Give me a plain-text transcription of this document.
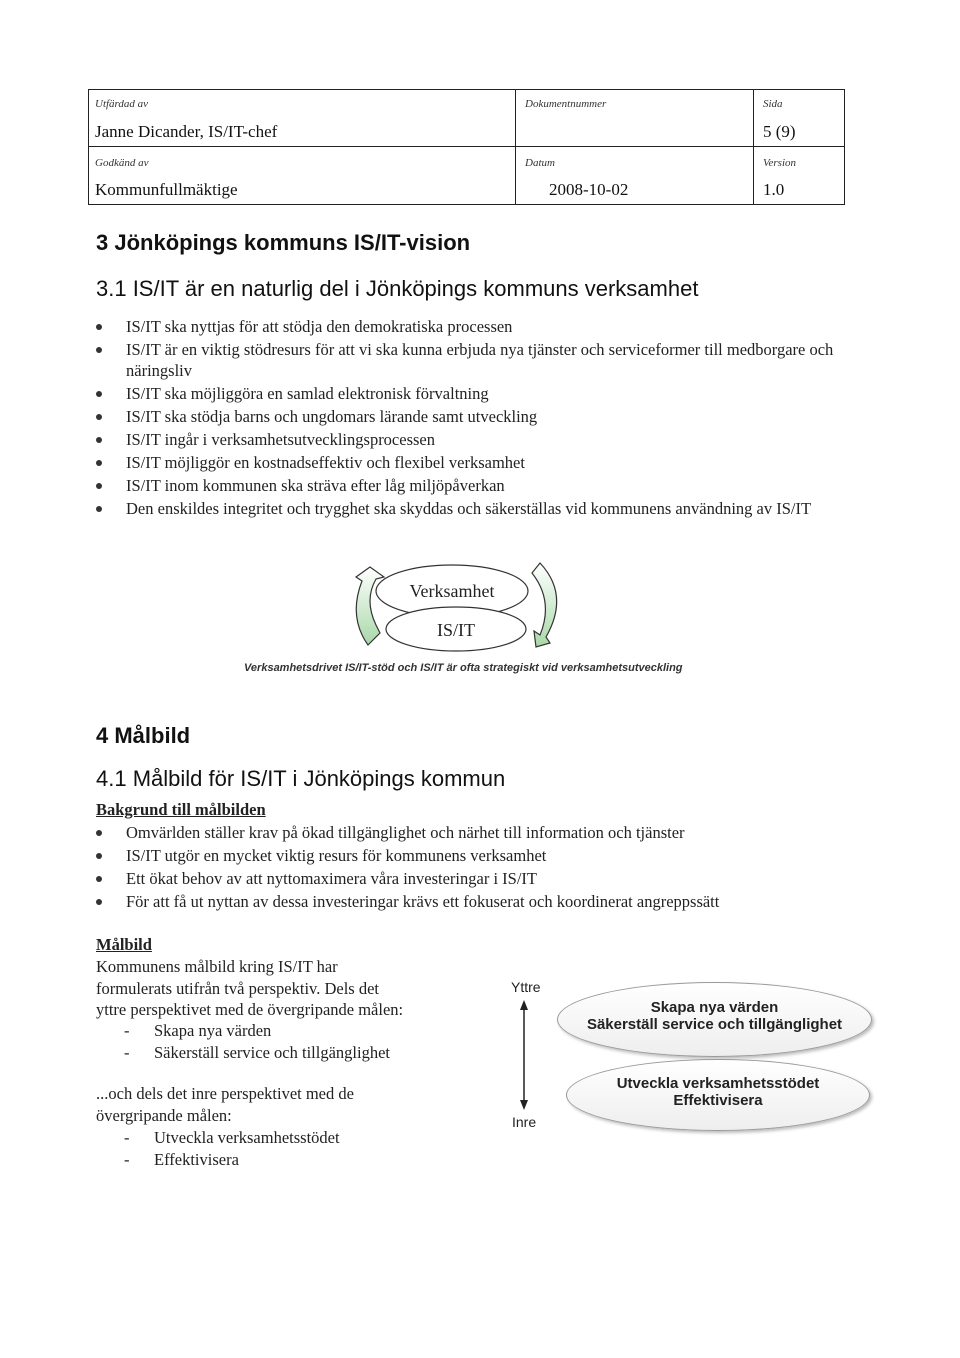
Utfärdad av
Janne Dicander, IS/IT-chef
Dokumentnummer	Sida
5 (9)
Godkänd av
Kommunfullmäktige
Datum
2008-10-02
Version
1.0
3 Jönköpings kommuns IS/IT-vision
3.1 IS/IT är en naturlig del i Jönköpings kommuns verksamhet
IS/IT ska nyttjas för att stödja den demokratiska processen
IS/IT är en viktig stödresurs för att vi ska kunna erbjuda nya tjänster och serviceformer till medborgare och näringsliv
IS/IT ska möjliggöra en samlad elektronisk förvaltning
IS/IT ska stödja barns och ungdomars lärande samt utveckling
IS/IT ingår i verksamhetsutvecklingsprocessen
IS/IT möjliggör en kostnadseffektiv och flexibel verksamhet
IS/IT inom kommunen ska sträva efter låg miljöpåverkan
Den enskildes integritet och trygghet ska skyddas och säkerställas vid kommunens användning av IS/IT
Verksamhet
IS/IT
Verksamhetsdrivet IS/IT-stöd och IS/IT är ofta strategiskt vid verksamhetsutveckling
4 Målbild
4.1 Målbild för IS/IT i Jönköpings kommun
Bakgrund till målbilden
Omvärlden ställer krav på ökad tillgänglighet och närhet till information och tjänster
IS/IT utgör en mycket viktig resurs för kommunens verksamhet
Ett ökat behov av att nyttomaximera våra investeringar i IS/IT
För att få ut nyttan av dessa investeringar krävs ett fokuserat och koordinerat angreppssätt
Målbild
Kommunens målbild kring IS/IT har
formulerats utifrån två perspektiv. Dels det
yttre perspektivet med de övergripande målen:
- Skapa nya värden
- Säkerställ service och tillgänglighet
...och dels det inre perspektivet med de
övergripande målen:
- Utveckla verksamhetsstödet
- Effektivisera
Yttre
Inre
Skapa nya värden
Säkerställ service och tillgänglighet
Utveckla verksamhetsstödet
Effektivisera
